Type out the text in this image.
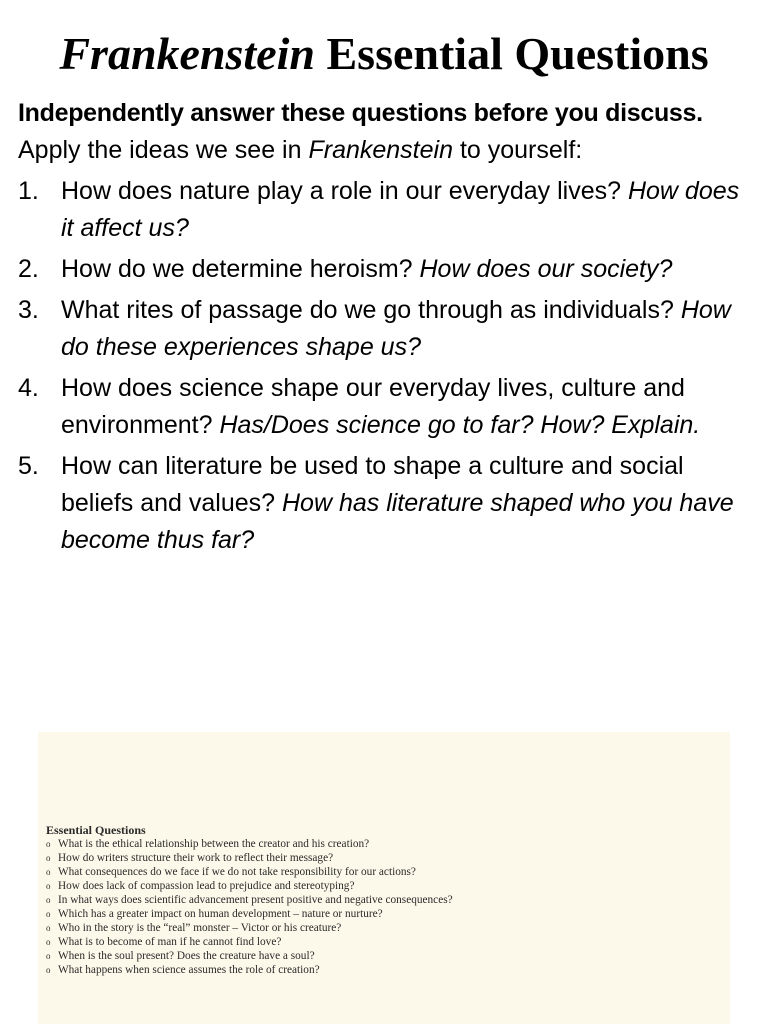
Frankenstein Essential Questions

Independently answer these questions before you discuss.

Apply the ideas we see in Frankenstein to yourself:

1. How does nature play a role in our everyday lives? How does it affect us?
2. How do we determine heroism? How does our society?
3. What rites of passage do we go through as individuals? How do these experiences shape us?
4. How does science shape our everyday lives, culture and environment? Has/Does science go to far? How? Explain.
5. How can literature be used to shape a culture and social beliefs and values? How has literature shaped who you have become thus far?
Essential Questions
o What is the ethical relationship between the creator and his creation?
o How do writers structure their work to reflect their message?
o What consequences do we face if we do not take responsibility for our actions?
o How does lack of compassion lead to prejudice and stereotyping?
o In what ways does scientific advancement present positive and negative consequences?
o Which has a greater impact on human development – nature or nurture?
o Who in the story is the “real” monster – Victor or his creature?
o What is to become of man if he cannot find love?
o When is the soul present? Does the creature have a soul?
o What happens when science assumes the role of creation?
